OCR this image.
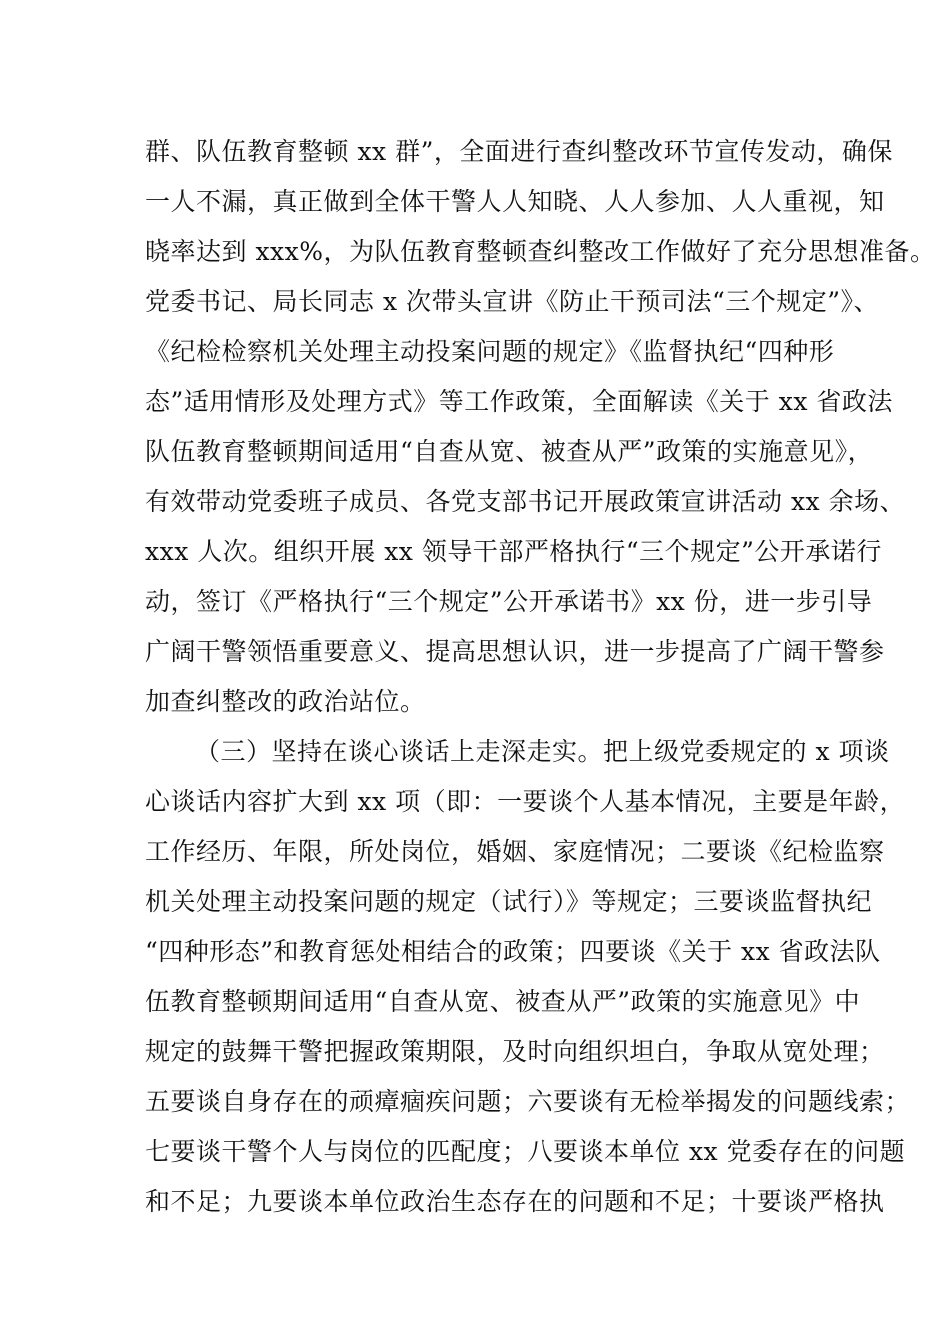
群、队伍教育整顿 xx 群”，全面进行查纠整改环节宣传发动，确保
一人不漏，真正做到全体干警人人知晓、人人参加、人人重视，知
晓率达到 xxx%，为队伍教育整顿查纠整改工作做好了充分思想准备。
党委书记、局长同志 x 次带头宣讲《防止干预司法“三个规定”》、
《纪检检察机关处理主动投案问题的规定》《监督执纪“四种形
态”适用情形及处理方式》等工作政策，全面解读《关于 xx 省政法
队伍教育整顿期间适用“自查从宽、被查从严”政策的实施意见》，
有效带动党委班子成员、各党支部书记开展政策宣讲活动 xx 余场、
xxx 人次。组织开展 xx 领导干部严格执行“三个规定”公开承诺行
动，签订《严格执行“三个规定”公开承诺书》xx 份，进一步引导
广阔干警领悟重要意义、提高思想认识，进一步提高了广阔干警参
加查纠整改的政治站位。
（三）坚持在谈心谈话上走深走实。把上级党委规定的 x 项谈
心谈话内容扩大到 xx 项（即：一要谈个人基本情况，主要是年龄，
工作经历、年限，所处岗位，婚姻、家庭情况；二要谈《纪检监察
机关处理主动投案问题的规定（试行）》等规定；三要谈监督执纪
“四种形态”和教育惩处相结合的政策；四要谈《关于 xx 省政法队
伍教育整顿期间适用“自查从宽、被查从严”政策的实施意见》中
规定的鼓舞干警把握政策期限，及时向组织坦白，争取从宽处理；
五要谈自身存在的顽瘴痼疾问题；六要谈有无检举揭发的问题线索；
七要谈干警个人与岗位的匹配度；八要谈本单位 xx 党委存在的问题
和不足；九要谈本单位政治生态存在的问题和不足；十要谈严格执
